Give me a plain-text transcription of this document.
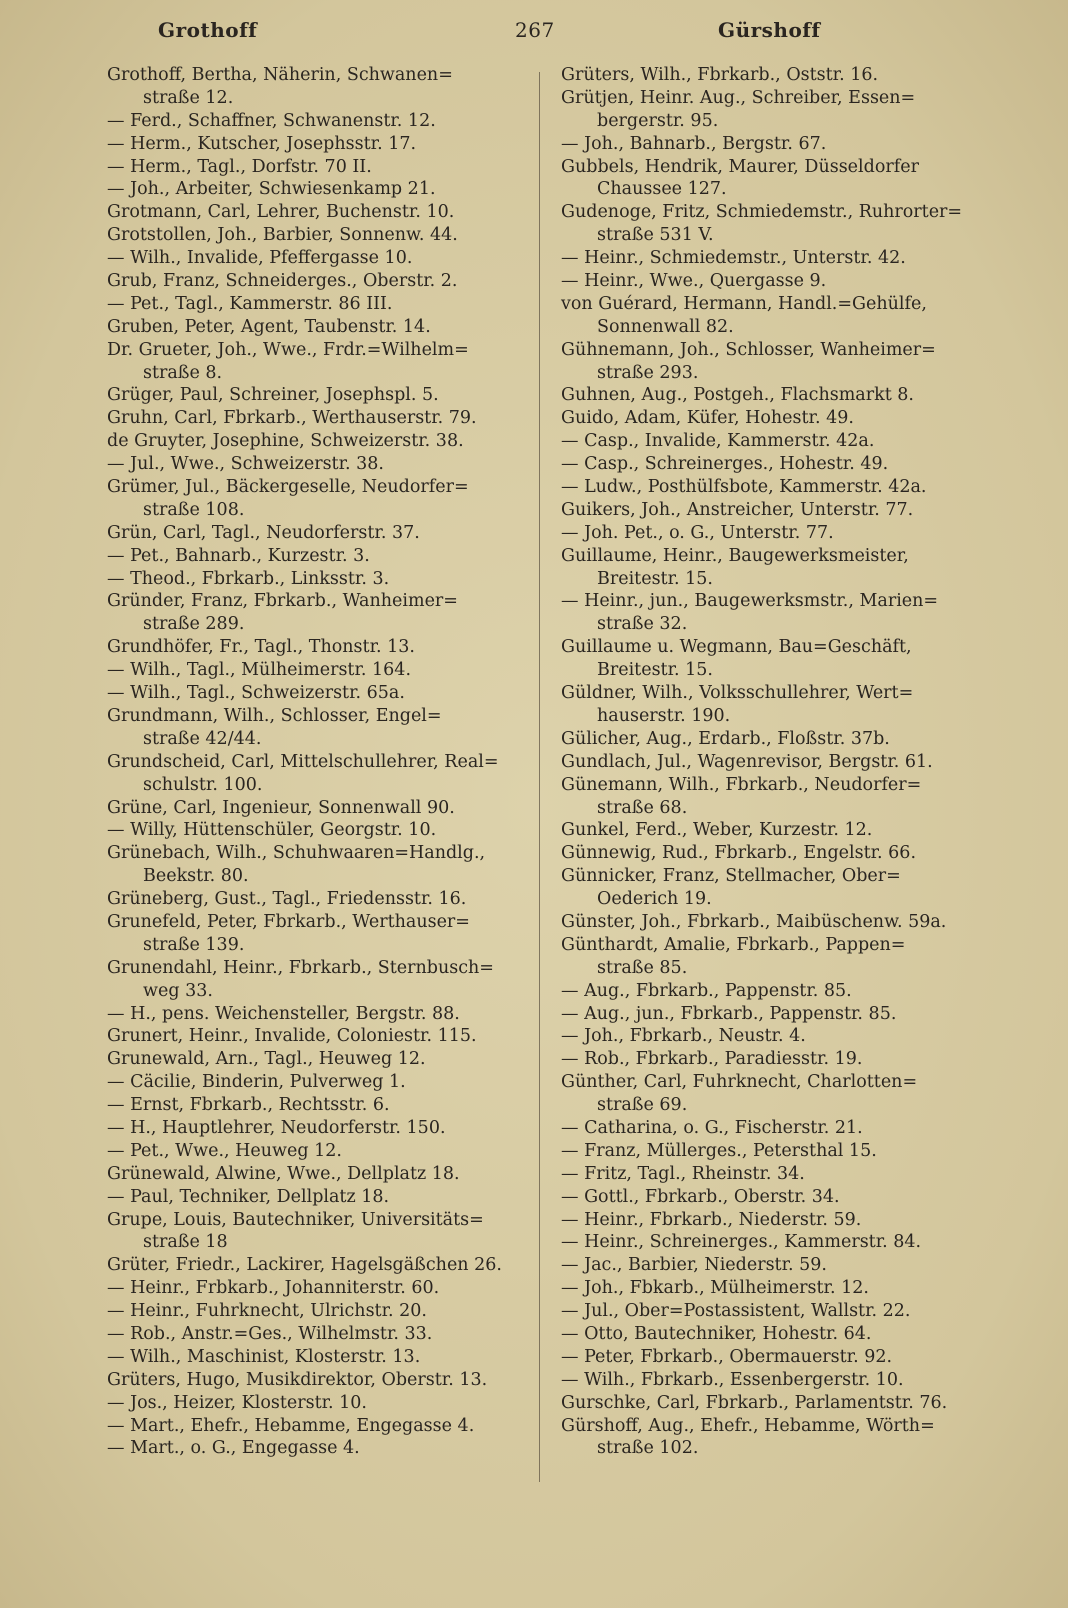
Grothoff	267	Gürshoff
Grothoff, Bertha, Näherin, Schwanen=
straße 12.
— Ferd., Schaffner, Schwanenstr. 12.
— Herm., Kutscher, Josephsstr. 17.
— Herm., Tagl., Dorfstr. 70 II.
— Joh., Arbeiter, Schwiesenkamp 21.
Grotmann, Carl, Lehrer, Buchenstr. 10.
Grotstollen, Joh., Barbier, Sonnenw. 44.
— Wilh., Invalide, Pfeffergasse 10.
Grub, Franz, Schneiderges., Oberstr. 2.
— Pet., Tagl., Kammerstr. 86 III.
Gruben, Peter, Agent, Taubenstr. 14.
Dr. Grueter, Joh., Wwe., Frdr.=Wilhelm=
straße 8.
Grüger, Paul, Schreiner, Josephspl. 5.
Gruhn, Carl, Fbrkarb., Werthauserstr. 79.
de Gruyter, Josephine, Schweizerstr. 38.
— Jul., Wwe., Schweizerstr. 38.
Grümer, Jul., Bäckergeselle, Neudorfer=
straße 108.
Grün, Carl, Tagl., Neudorferstr. 37.
— Pet., Bahnarb., Kurzestr. 3.
— Theod., Fbrkarb., Linksstr. 3.
Gründer, Franz, Fbrkarb., Wanheimer=
straße 289.
Grundhöfer, Fr., Tagl., Thonstr. 13.
— Wilh., Tagl., Mülheimerstr. 164.
— Wilh., Tagl., Schweizerstr. 65a.
Grundmann, Wilh., Schlosser, Engel=
straße 42/44.
Grundscheid, Carl, Mittelschullehrer, Real=
schulstr. 100.
Grüne, Carl, Ingenieur, Sonnenwall 90.
— Willy, Hüttenschüler, Georgstr. 10.
Grünebach, Wilh., Schuhwaaren=Handlg.,
Beekstr. 80.
Grüneberg, Gust., Tagl., Friedensstr. 16.
Grunefeld, Peter, Fbrkarb., Werthauser=
straße 139.
Grunendahl, Heinr., Fbrkarb., Sternbusch=
weg 33.
— H., pens. Weichensteller, Bergstr. 88.
Grunert, Heinr., Invalide, Coloniestr. 115.
Grunewald, Arn., Tagl., Heuweg 12.
— Cäcilie, Binderin, Pulverweg 1.
— Ernst, Fbrkarb., Rechtsstr. 6.
— H., Hauptlehrer, Neudorferstr. 150.
— Pet., Wwe., Heuweg 12.
Grünewald, Alwine, Wwe., Dellplatz 18.
— Paul, Techniker, Dellplatz 18.
Grupe, Louis, Bautechniker, Universitäts=
straße 18
Grüter, Friedr., Lackirer, Hagelsgäßchen 26.
— Heinr., Frbkarb., Johanniterstr. 60.
— Heinr., Fuhrknecht, Ulrichstr. 20.
— Rob., Anstr.=Ges., Wilhelmstr. 33.
— Wilh., Maschinist, Klosterstr. 13.
Grüters, Hugo, Musikdirektor, Oberstr. 13.
— Jos., Heizer, Klosterstr. 10.
— Mart., Ehefr., Hebamme, Engegasse 4.
— Mart., o. G., Engegasse 4.
Grüters, Wilh., Fbrkarb., Oststr. 16.
Grütjen, Heinr. Aug., Schreiber, Essen=
bergerstr. 95.
— Joh., Bahnarb., Bergstr. 67.
Gubbels, Hendrik, Maurer, Düsseldorfer
Chaussee 127.
Gudenoge, Fritz, Schmiedemstr., Ruhrorter=
straße 531 V.
— Heinr., Schmiedemstr., Unterstr. 42.
— Heinr., Wwe., Quergasse 9.
von Guérard, Hermann, Handl.=Gehülfe,
Sonnenwall 82.
Gühnemann, Joh., Schlosser, Wanheimer=
straße 293.
Guhnen, Aug., Postgeh., Flachsmarkt 8.
Guido, Adam, Küfer, Hohestr. 49.
— Casp., Invalide, Kammerstr. 42a.
— Casp., Schreinerges., Hohestr. 49.
— Ludw., Posthülfsbote, Kammerstr. 42a.
Guikers, Joh., Anstreicher, Unterstr. 77.
— Joh. Pet., o. G., Unterstr. 77.
Guillaume, Heinr., Baugewerksmeister,
Breitestr. 15.
— Heinr., jun., Baugewerksmstr., Marien=
straße 32.
Guillaume u. Wegmann, Bau=Geschäft,
Breitestr. 15.
Güldner, Wilh., Volksschullehrer, Wert=
hauserstr. 190.
Gülicher, Aug., Erdarb., Floßstr. 37b.
Gundlach, Jul., Wagenrevisor, Bergstr. 61.
Günemann, Wilh., Fbrkarb., Neudorfer=
straße 68.
Gunkel, Ferd., Weber, Kurzestr. 12.
Günnewig, Rud., Fbrkarb., Engelstr. 66.
Günnicker, Franz, Stellmacher, Ober=
Oederich 19.
Günster, Joh., Fbrkarb., Maibüschenw. 59a.
Günthardt, Amalie, Fbrkarb., Pappen=
straße 85.
— Aug., Fbrkarb., Pappenstr. 85.
— Aug., jun., Fbrkarb., Pappenstr. 85.
— Joh., Fbrkarb., Neustr. 4.
— Rob., Fbrkarb., Paradiesstr. 19.
Günther, Carl, Fuhrknecht, Charlotten=
straße 69.
— Catharina, o. G., Fischerstr. 21.
— Franz, Müllerges., Petersthal 15.
— Fritz, Tagl., Rheinstr. 34.
— Gottl., Fbrkarb., Oberstr. 34.
— Heinr., Fbrkarb., Niederstr. 59.
— Heinr., Schreinerges., Kammerstr. 84.
— Jac., Barbier, Niederstr. 59.
— Joh., Fbkarb., Mülheimerstr. 12.
— Jul., Ober=Postassistent, Wallstr. 22.
— Otto, Bautechniker, Hohestr. 64.
— Peter, Fbrkarb., Obermauerstr. 92.
— Wilh., Fbrkarb., Essenbergerstr. 10.
Gurschke, Carl, Fbrkarb., Parlamentstr. 76.
Gürshoff, Aug., Ehefr., Hebamme, Wörth=
straße 102.
